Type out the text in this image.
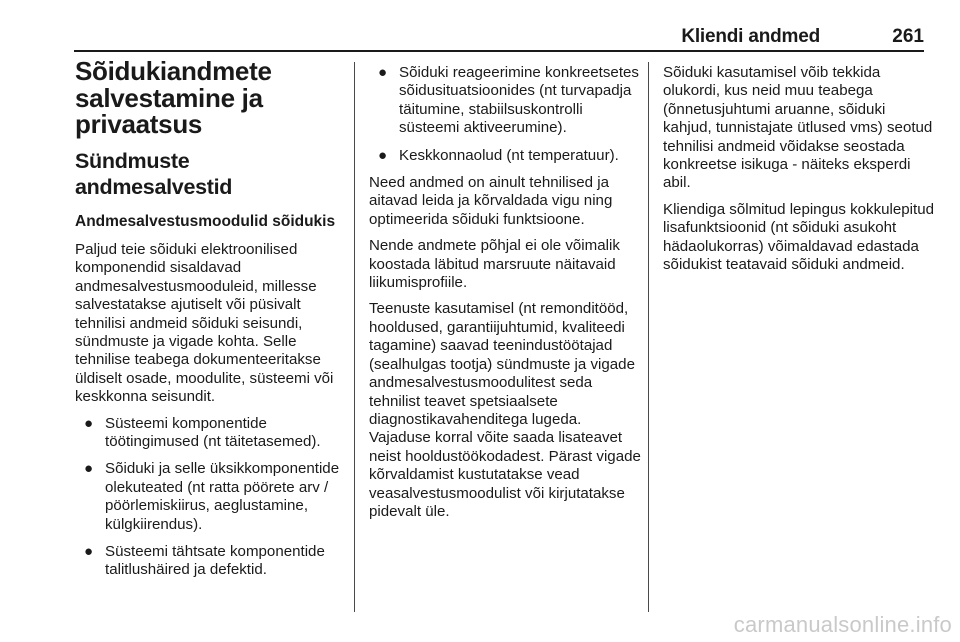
Kliendi andmed	261
Sõidukiandmete salvestamine ja privaatsus
Sündmuste andmesalvestid
Andmesalvestusmoodulid sõidukis

Paljud teie sõiduki elektroonilised komponendid sisaldavad andmesalvestusmooduleid, millesse salvestatakse ajutiselt või püsivalt tehnilisi andmeid sõiduki seisundi, sündmuste ja vigade kohta. Selle tehnilise teabega dokumenteeritakse üldiselt osade, moodulite, süsteemi või keskkonna seisundit.

● Süsteemi komponentide töötingimused (nt täitetasemed).
● Sõiduki ja selle üksikkomponentide olekuteated (nt ratta pöörete arv / pöörlemiskiirus, aeglustamine, külgkiirendus).
● Süsteemi tähtsate komponentide talitlushäired ja defektid.
● Sõiduki reageerimine konkreetsetes sõidusituatsioonides (nt turvapadja täitumine, stabiilsuskontrolli süsteemi aktiveerumine).
● Keskkonnaolud (nt temperatuur).

Need andmed on ainult tehnilised ja aitavad leida ja kõrvaldada vigu ning optimeerida sõiduki funktsioone.

Nende andmete põhjal ei ole võimalik koostada läbitud marsruute näitavaid liikumisprofiile.

Teenuste kasutamisel (nt remonditööd, hooldused, garantiijuhtumid, kvaliteedi tagamine) saavad teenindustöötajad (sealhulgas tootja) sündmuste ja vigade andmesalvestusmoodulitest seda tehnilist teavet spetsiaalsete diagnostikavahenditega lugeda. Vajaduse korral võite saada lisateavet neist hooldustöökodadest. Pärast vigade kõrvaldamist kustutatakse vead veasalvestusmoodulist või kirjutatakse pidevalt üle.

Sõiduki kasutamisel võib tekkida olukordi, kus neid muu teabega (õnnetusjuhtumi aruanne, sõiduki kahjud, tunnistajate ütlused vms) seotud tehnilisi andmeid võidakse seostada konkreetse isikuga - näiteks eksperdi abil.

Kliendiga sõlmitud lepingus kokkulepitud lisafunktsioonid (nt sõiduki asukoht hädaolukorras) võimaldavad edastada sõidukist teatavaid sõiduki andmeid.

carmanualsonline.info
